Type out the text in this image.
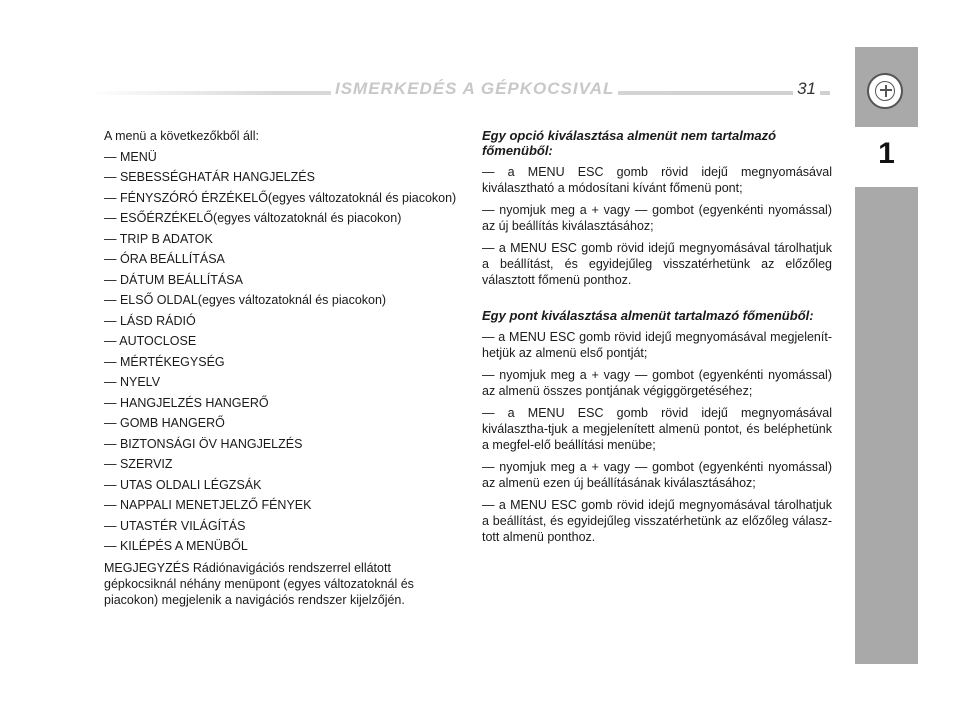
ISMERKEDÉS A GÉPKOCSIVAL	31
1
A menü a következőkből áll:
— MENÜ
— SEBESSÉGHATÁR HANGJELZÉS
— FÉNYSZÓRÓ ÉRZÉKELŐ(egyes változatoknál és piacokon)
— ESŐÉRZÉKELŐ(egyes változatoknál és piacokon)
— TRIP B ADATOK
— ÓRA BEÁLLÍTÁSA
— DÁTUM BEÁLLÍTÁSA
— ELSŐ OLDAL(egyes változatoknál és piacokon)
— LÁSD RÁDIÓ
— AUTOCLOSE
— MÉRTÉKEGYSÉG
— NYELV
— HANGJELZÉS HANGERŐ
— GOMB HANGERŐ
— BIZTONSÁGI ÖV HANGJELZÉS
— SZERVIZ
— UTAS OLDALI LÉGZSÁK
— NAPPALI MENETJELZŐ FÉNYEK
— UTASTÉR VILÁGÍTÁS
— KILÉPÉS A MENÜBŐL
MEGJEGYZÉS Rádiónavigációs rendszerrel ellátott gépkocsiknál néhány menüpont (egyes változatoknál és piacokon) megjelenik a navigációs rendszer kijelzőjén.
Egy opció kiválasztása almenüt nem tartalmazó főmenüből:

— a MENU ESC gomb rövid idejű megnyomásával kiválasztható a módosítani kívánt főmenü pont;

— nyomjuk meg a + vagy — gombot (egyenkénti nyomással) az új beállítás kiválasztásához;

— a MENU ESC gomb rövid idejű megnyomásával tárolhatjuk a beállítást, és egyidejűleg visszatérhetünk az előzőleg választott főmenü ponthoz.

Egy pont kiválasztása almenüt tartalmazó főmenüből:

— a MENU ESC gomb rövid idejű megnyomásával megjelenít-hetjük az almenü első pontját;

— nyomjuk meg a + vagy — gombot (egyenkénti nyomással) az almenü összes pontjának végiggörgetéséhez;

— a MENU ESC gomb rövid idejű megnyomásával kiválasztha-tjuk a megjelenített almenü pontot, és beléphetünk a megfel-elő beállítási menübe;

— nyomjuk meg a + vagy — gombot (egyenkénti nyomással) az almenü ezen új beállításának kiválasztásához;

— a MENU ESC gomb rövid idejű megnyomásával tárolhatjuk a beállítást, és egyidejűleg visszatérhetünk az előzőleg válasz-tott almenü ponthoz.
